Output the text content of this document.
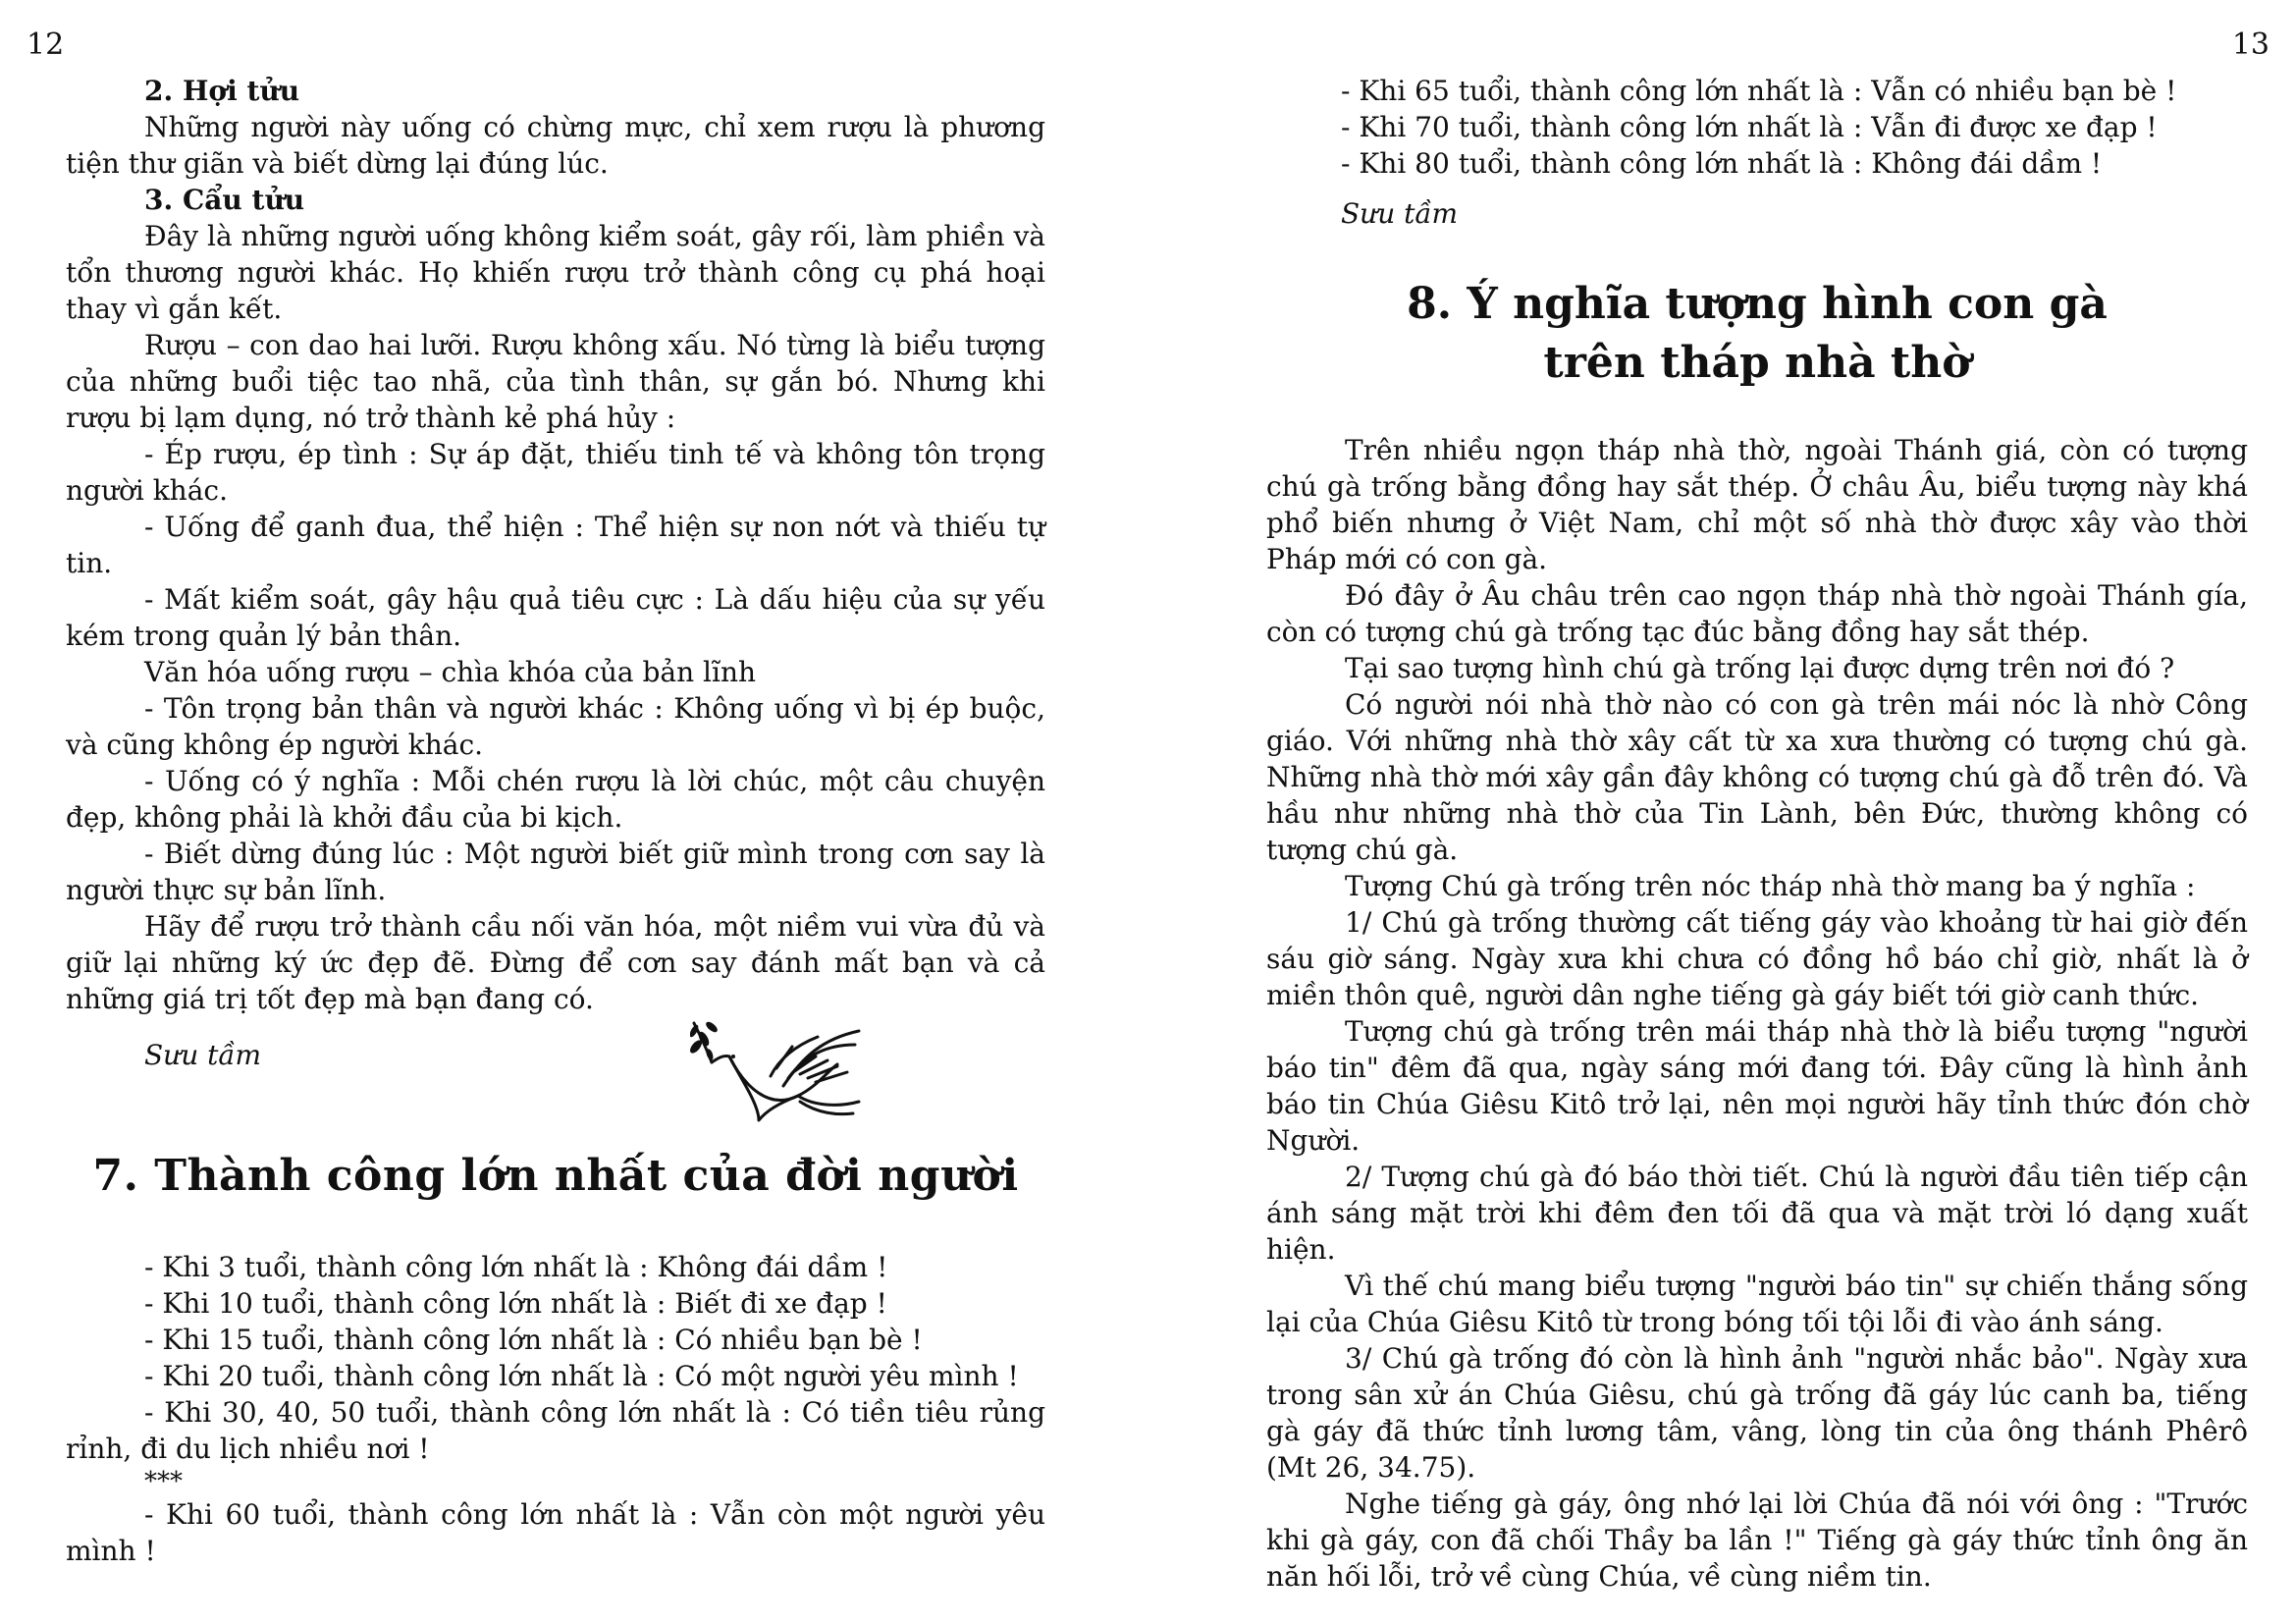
12	13

2. Hợi tửu

Những người này uống có chừng mực, chỉ xem rượu là phương tiện thư giãn và biết dừng lại đúng lúc.

3. Cẩu tửu

Đây là những người uống không kiểm soát, gây rối, làm phiền và tổn thương người khác. Họ khiến rượu trở thành công cụ phá hoại thay vì gắn kết.

Rượu – con dao hai lưỡi. Rượu không xấu. Nó từng là biểu tượng của những buổi tiệc tao nhã, của tình thân, sự gắn bó. Nhưng khi rượu bị lạm dụng, nó trở thành kẻ phá hủy :

- Ép rượu, ép tình : Sự áp đặt, thiếu tinh tế và không tôn trọng người khác.

- Uống để ganh đua, thể hiện : Thể hiện sự non nớt và thiếu tự tin.

- Mất kiểm soát, gây hậu quả tiêu cực : Là dấu hiệu của sự yếu kém trong quản lý bản thân.

Văn hóa uống rượu – chìa khóa của bản lĩnh

- Tôn trọng bản thân và người khác : Không uống vì bị ép buộc, và cũng không ép người khác.

- Uống có ý nghĩa : Mỗi chén rượu là lời chúc, một câu chuyện đẹp, không phải là khởi đầu của bi kịch.

- Biết dừng đúng lúc : Một người biết giữ mình trong cơn say là người thực sự bản lĩnh.

Hãy để rượu trở thành cầu nối văn hóa, một niềm vui vừa đủ và giữ lại những ký ức đẹp đẽ. Đừng để cơn say đánh mất bạn và cả những giá trị tốt đẹp mà bạn đang có.

Sưu tầm

7. Thành công lớn nhất của đời người

- Khi 3 tuổi, thành công lớn nhất là : Không đái dầm !

- Khi 10 tuổi, thành công lớn nhất là : Biết đi xe đạp !

- Khi 15 tuổi, thành công lớn nhất là : Có nhiều bạn bè !

- Khi 20 tuổi, thành công lớn nhất là : Có một người yêu mình !

- Khi 30, 40, 50 tuổi, thành công lớn nhất là : Có tiền tiêu rủng rỉnh, đi du lịch nhiều nơi !

***

- Khi 60 tuổi, thành công lớn nhất là : Vẫn còn một người yêu mình !

- Khi 65 tuổi, thành công lớn nhất là : Vẫn có nhiều bạn bè !

- Khi 70 tuổi, thành công lớn nhất là : Vẫn đi được xe đạp !

- Khi 80 tuổi, thành công lớn nhất là : Không đái dầm !

Sưu tầm

8. Ý nghĩa tượng hình con gà
trên tháp nhà thờ

Trên nhiều ngọn tháp nhà thờ, ngoài Thánh giá, còn có tượng chú gà trống bằng đồng hay sắt thép. Ở châu Âu, biểu tượng này khá phổ biến nhưng ở Việt Nam, chỉ một số nhà thờ được xây vào thời Pháp mới có con gà.

Đó đây ở Âu châu trên cao ngọn tháp nhà thờ ngoài Thánh gía, còn có tượng chú gà trống tạc đúc bằng đồng hay sắt thép.

Tại sao tượng hình chú gà trống lại được dựng trên nơi đó ?

Có người nói nhà thờ nào có con gà trên mái nóc là nhờ Công giáo. Với những nhà thờ xây cất từ xa xưa thường có tượng chú gà. Những nhà thờ mới xây gần đây không có tượng chú gà đỗ trên đó. Và hầu như những nhà thờ của Tin Lành, bên Đức, thường không có tượng chú gà.

Tượng Chú gà trống trên nóc tháp nhà thờ mang ba ý nghĩa :

1/ Chú gà trống thường cất tiếng gáy vào khoảng từ hai giờ đến sáu giờ sáng. Ngày xưa khi chưa có đồng hồ báo chỉ giờ, nhất là ở miền thôn quê, người dân nghe tiếng gà gáy biết tới giờ canh thức.

Tượng chú gà trống trên mái tháp nhà thờ là biểu tượng "người báo tin" đêm đã qua, ngày sáng mới đang tới. Đây cũng là hình ảnh báo tin Chúa Giêsu Kitô trở lại, nên mọi người hãy tỉnh thức đón chờ Người.

2/ Tượng chú gà đó báo thời tiết. Chú là người đầu tiên tiếp cận ánh sáng mặt trời khi đêm đen tối đã qua và mặt trời ló dạng xuất hiện.

Vì thế chú mang biểu tượng "người báo tin" sự chiến thắng sống lại của Chúa Giêsu Kitô từ trong bóng tối tội lỗi đi vào ánh sáng.

3/ Chú gà trống đó còn là hình ảnh "người nhắc bảo". Ngày xưa trong sân xử án Chúa Giêsu, chú gà trống đã gáy lúc canh ba, tiếng gà gáy đã thức tỉnh lương tâm, vâng, lòng tin của ông thánh Phêrô (Mt 26, 34.75).

Nghe tiếng gà gáy, ông nhớ lại lời Chúa đã nói với ông : "Trước khi gà gáy, con đã chối Thầy ba lần !" Tiếng gà gáy thức tỉnh ông ăn năn hối lỗi, trở về cùng Chúa, về cùng niềm tin.
